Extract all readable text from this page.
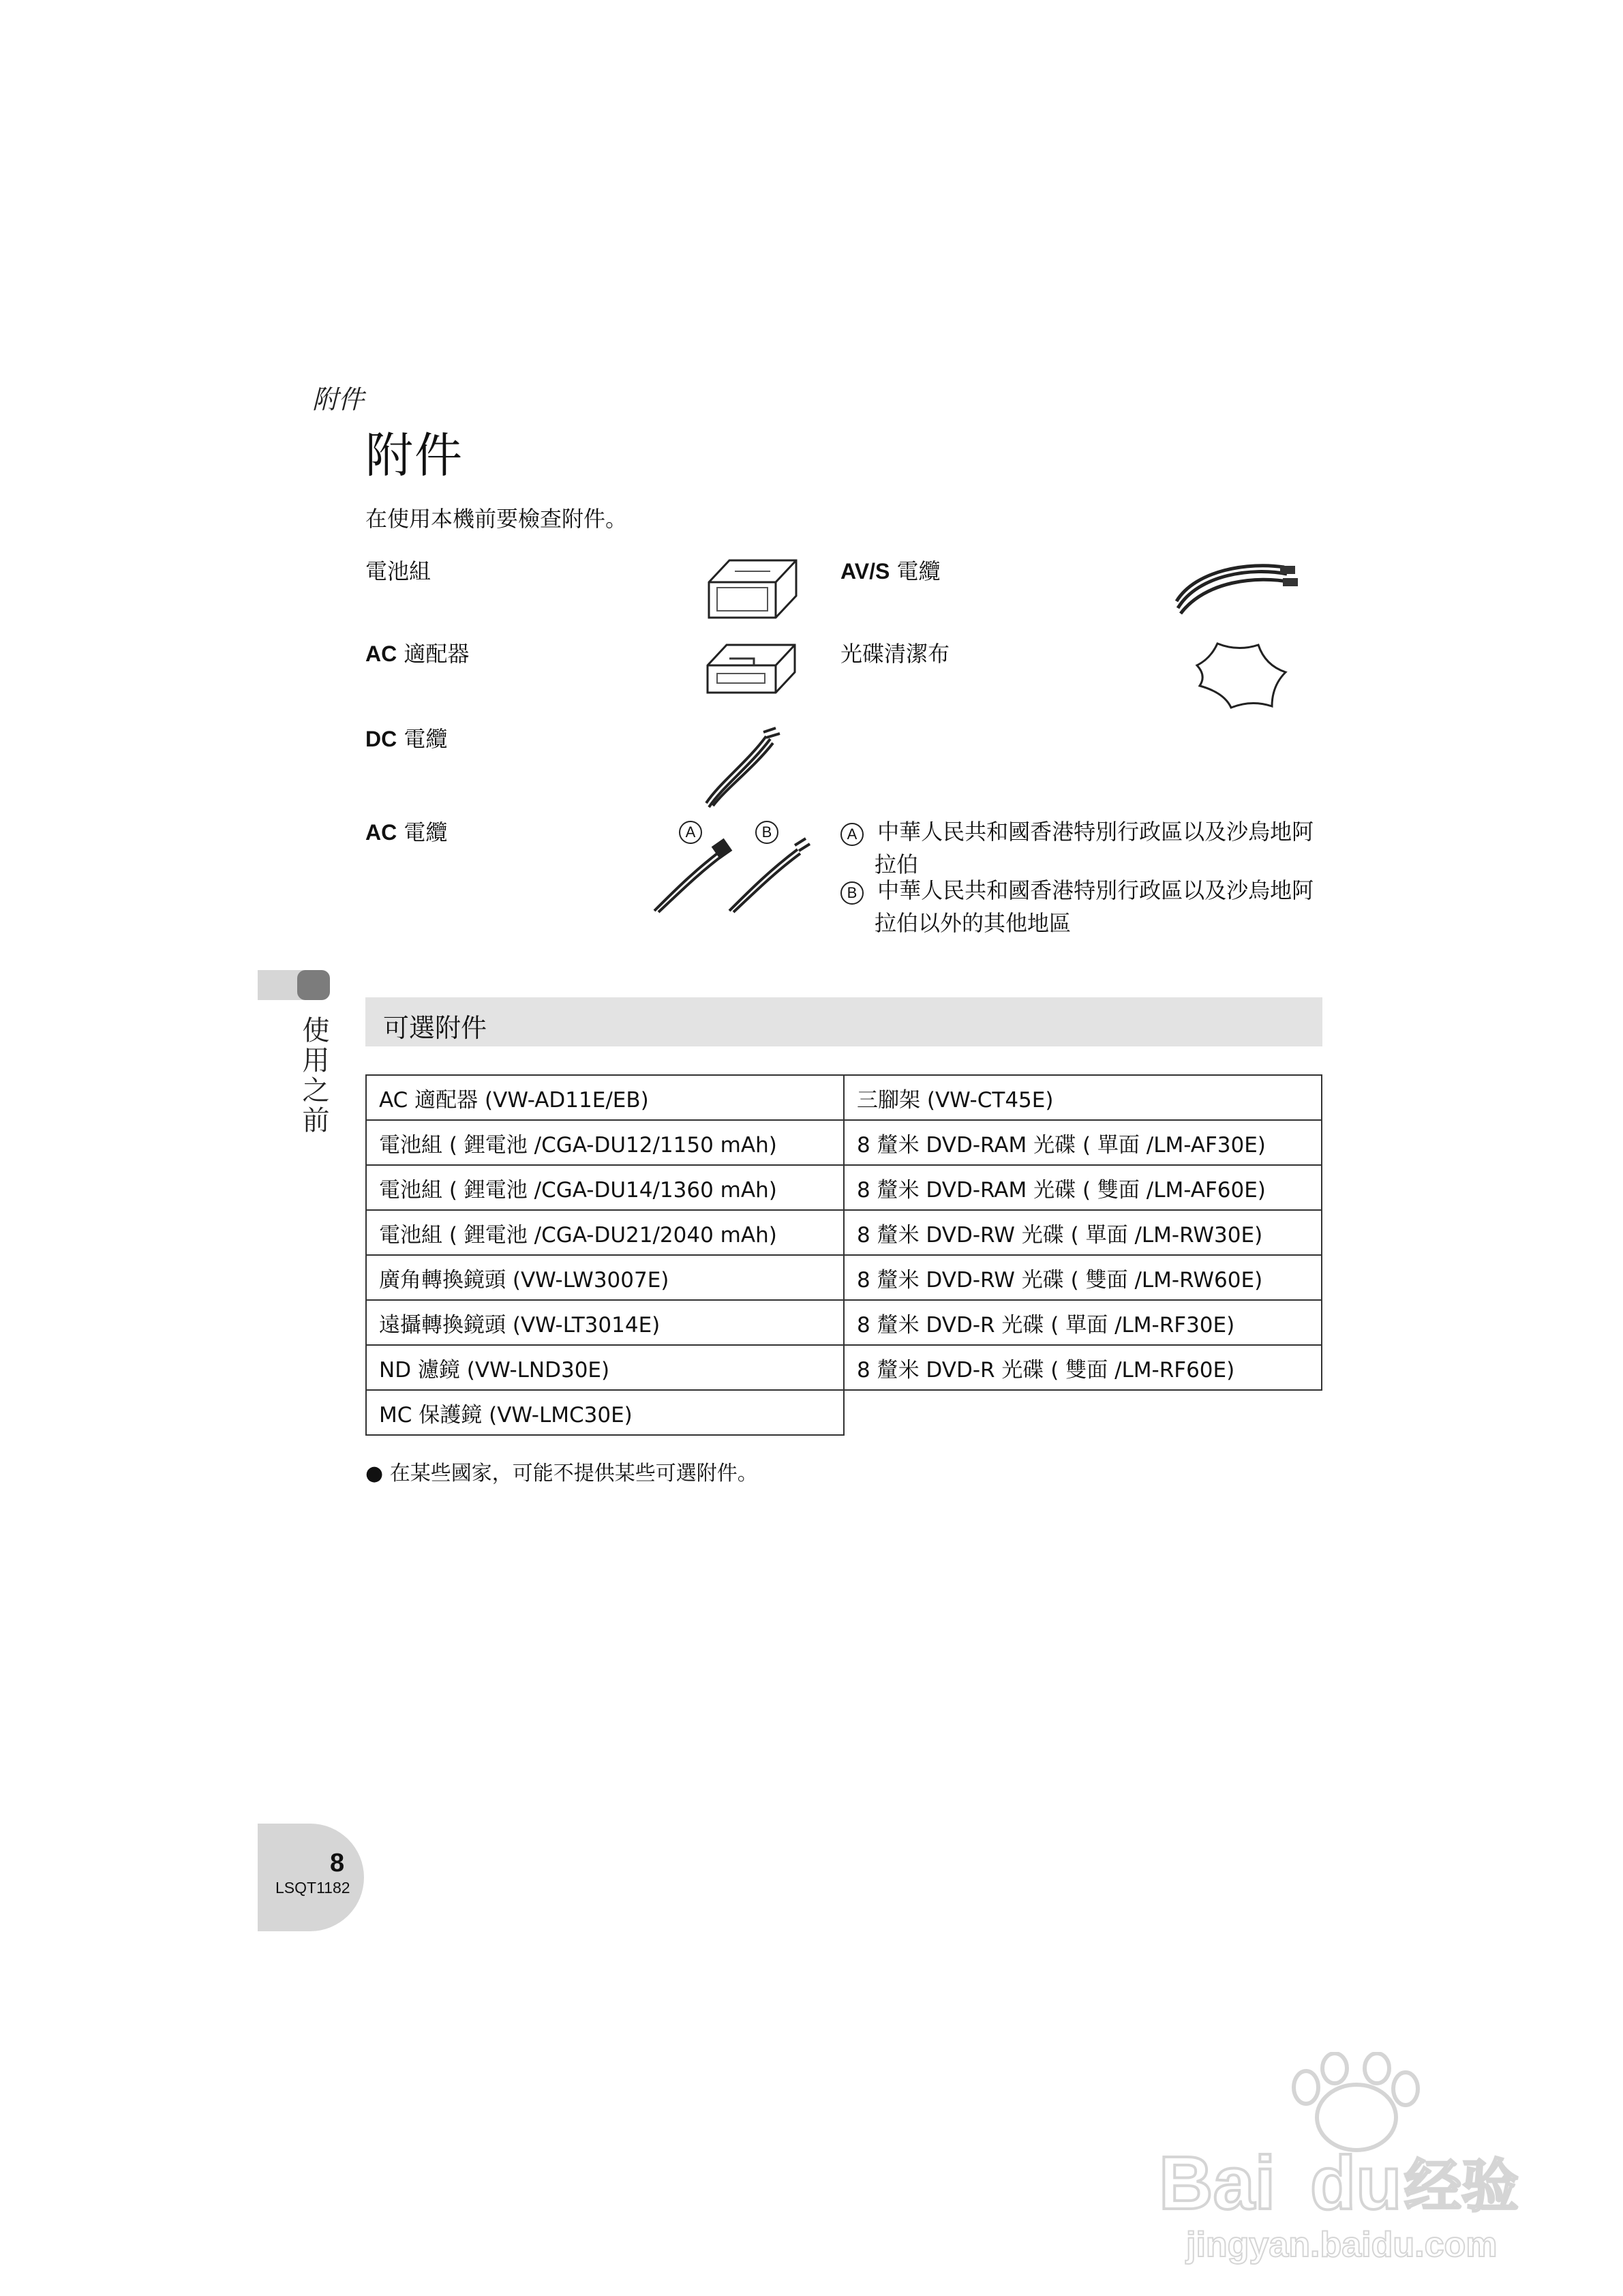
附件
附件
在使用本機前要檢查附件。
電池組
AC 適配器
DC 電纜
AC 電纜	A	B
AV/S 電纜
光碟清潔布
A 中華人民共和國香港特別行政區以及沙烏地阿
拉伯
B 中華人民共和國香港特別行政區以及沙烏地阿
拉伯以外的其他地區
使用之前 可選附件
AC 適配器 (VW-AD11E/EB)	三腳架 (VW-CT45E)
電池組 ( 鋰電池 /CGA-DU12/1150 mAh)	8 釐米 DVD-RAM 光碟 ( 單面 /LM-AF30E)
電池組 ( 鋰電池 /CGA-DU14/1360 mAh)	8 釐米 DVD-RAM 光碟 ( 雙面 /LM-AF60E)
電池組 ( 鋰電池 /CGA-DU21/2040 mAh)	8 釐米 DVD-RW 光碟 ( 單面 /LM-RW30E)
廣角轉換鏡頭 (VW-LW3007E)	8 釐米 DVD-RW 光碟 ( 雙面 /LM-RW60E)
遠攝轉換鏡頭 (VW-LT3014E)	8 釐米 DVD-R 光碟 ( 單面 /LM-RF30E)
ND 濾鏡 (VW-LND30E)	8 釐米 DVD-R 光碟 ( 雙面 /LM-RF60E)
MC 保護鏡 (VW-LMC30E)	
● 在某些國家，可能不提供某些可選附件。
8
LSQT1182
Bai du 经验
jingyan.baidu.com
